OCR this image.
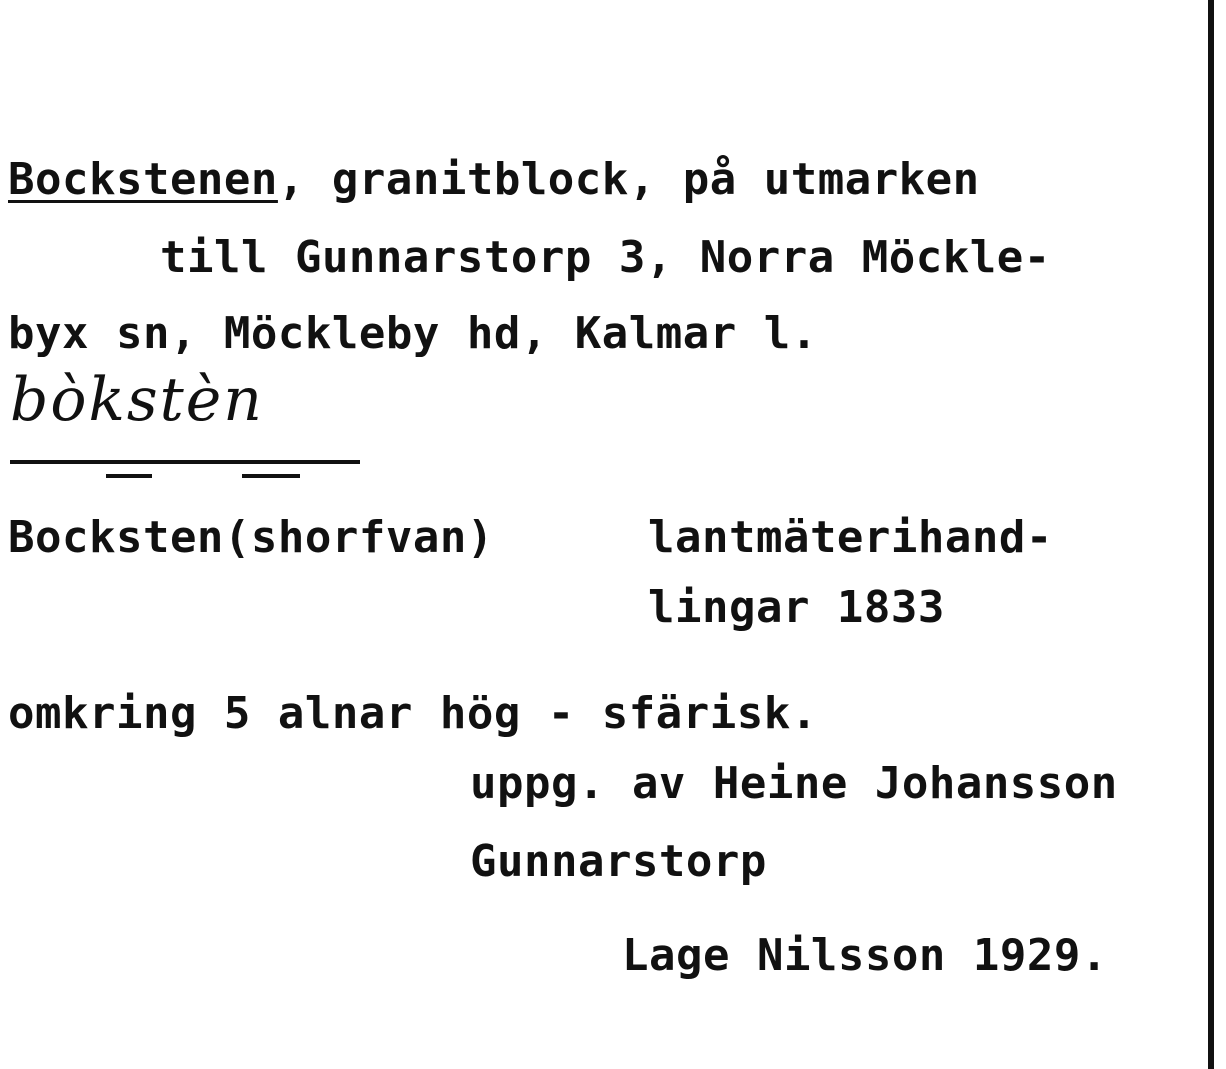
Bockstenen, granitblock, på utmarken
till Gunnarstorp 3, Norra Möckle-
byx sn, Möckleby hd, Kalmar l.
bòkstèn
Bocksten(shorfvan)	lantmäterihand-
lingar 1833
omkring 5 alnar hög - sfärisk.
uppg. av Heine Johansson
Gunnarstorp
Lage Nilsson 1929.
